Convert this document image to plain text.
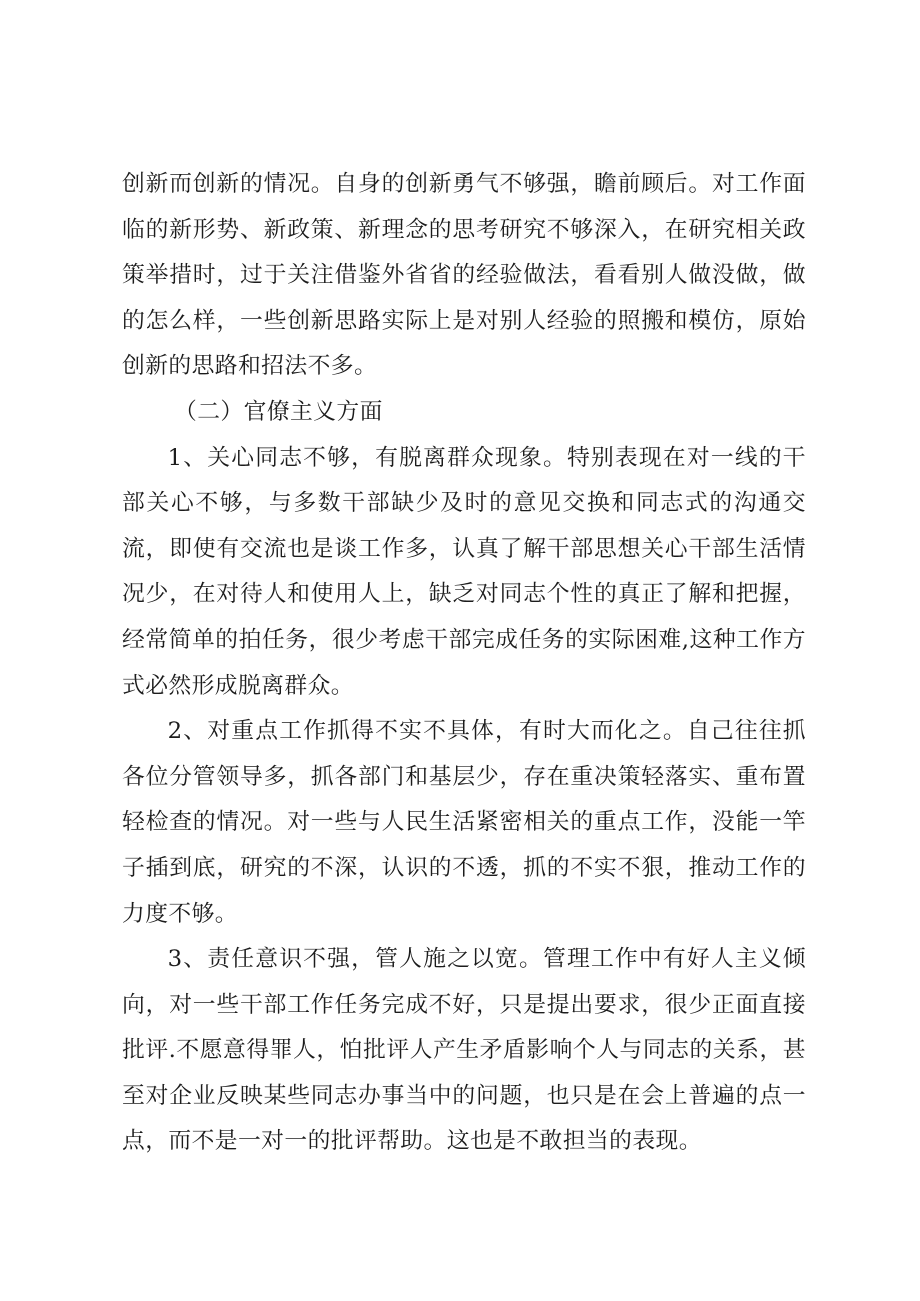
创新而创新的情况。自身的创新勇气不够强，瞻前顾后。对工作面临的新形势、新政策、新理念的思考研究不够深入，在研究相关政策举措时，过于关注借鉴外省省的经验做法，看看别人做没做，做的怎么样，一些创新思路实际上是对别人经验的照搬和模仿，原始创新的思路和招法不多。

（二）官僚主义方面

1、关心同志不够，有脱离群众现象。特别表现在对一线的干部关心不够，与多数干部缺少及时的意见交换和同志式的沟通交流，即使有交流也是谈工作多，认真了解干部思想关心干部生活情况少，在对待人和使用人上，缺乏对同志个性的真正了解和把握，经常简单的拍任务，很少考虑干部完成任务的实际困难,这种工作方式必然形成脱离群众。

2、对重点工作抓得不实不具体，有时大而化之。自己往往抓各位分管领导多，抓各部门和基层少，存在重决策轻落实、重布置轻检查的情况。对一些与人民生活紧密相关的重点工作，没能一竿子插到底，研究的不深，认识的不透，抓的不实不狠，推动工作的力度不够。

3、责任意识不强，管人施之以宽。管理工作中有好人主义倾向，对一些干部工作任务完成不好，只是提出要求，很少正面直接批评.不愿意得罪人，怕批评人产生矛盾影响个人与同志的关系，甚至对企业反映某些同志办事当中的问题，也只是在会上普遍的点一点，而不是一对一的批评帮助。这也是不敢担当的表现。
